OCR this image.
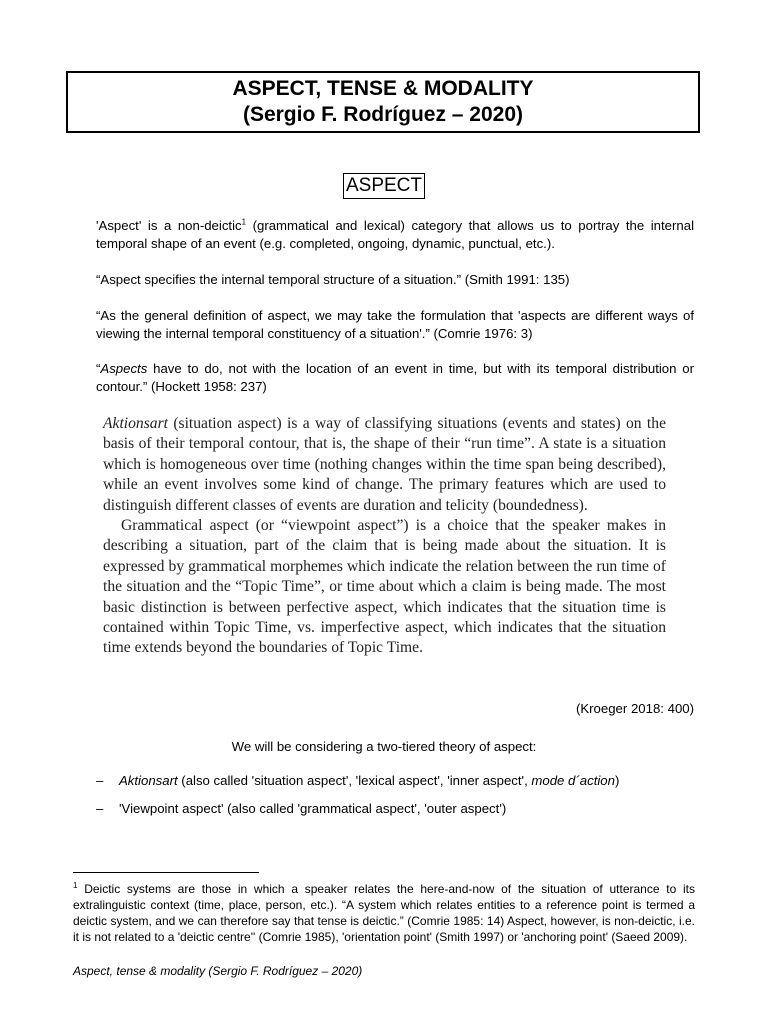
ASPECT, TENSE & MODALITY
(Sergio F. Rodríguez – 2020)
ASPECT

'Aspect' is a non-deictic$^1$ (grammatical and lexical) category that allows us to portray the internal temporal shape of an event (e.g. completed, ongoing, dynamic, punctual, etc.).

“Aspect specifies the internal temporal structure of a situation.” (Smith 1991: 135)

“As the general definition of aspect, we may take the formulation that 'aspects are different ways of viewing the internal temporal constituency of a situation'.” (Comrie 1976: 3)

“Aspects have to do, not with the location of an event in time, but with its temporal distribution or contour.” (Hockett 1958: 237)

Aktionsart (situation aspect) is a way of classifying situations (events and states) on the basis of their temporal contour, that is, the shape of their “run time”. A state is a situation which is homogeneous over time (nothing changes within the time span being described), while an event involves some kind of change. The primary features which are used to distinguish different classes of events are duration and telicity (boundedness).

Grammatical aspect (or “viewpoint aspect”) is a choice that the speaker makes in describing a situation, part of the claim that is being made about the situation. It is expressed by grammatical morphemes which indicate the relation between the run time of the situation and the “Topic Time”, or time about which a claim is being made. The most basic distinction is between perfective aspect, which indicates that the situation time is contained within Topic Time, vs. imperfective aspect, which indicates that the situation time extends beyond the boundaries of Topic Time.

(Kroeger 2018: 400)
We will be considering a two-tiered theory of aspect:
–	Aktionsart (also called 'situation aspect', 'lexical aspect', 'inner aspect', mode d´action)
–	'Viewpoint aspect' (also called 'grammatical aspect', 'outer aspect')

$^1$ Deictic systems are those in which a speaker relates the here-and-now of the situation of utterance to its extralinguistic context (time, place, person, etc.). “A system which relates entities to a reference point is termed a deictic system, and we can therefore say that tense is deictic.” (Comrie 1985: 14) Aspect, however, is non-deictic, i.e. it is not related to a 'deictic centre'' (Comrie 1985), 'orientation point' (Smith 1997) or 'anchoring point' (Saeed 2009).

Aspect, tense & modality (Sergio F. Rodríguez – 2020)
